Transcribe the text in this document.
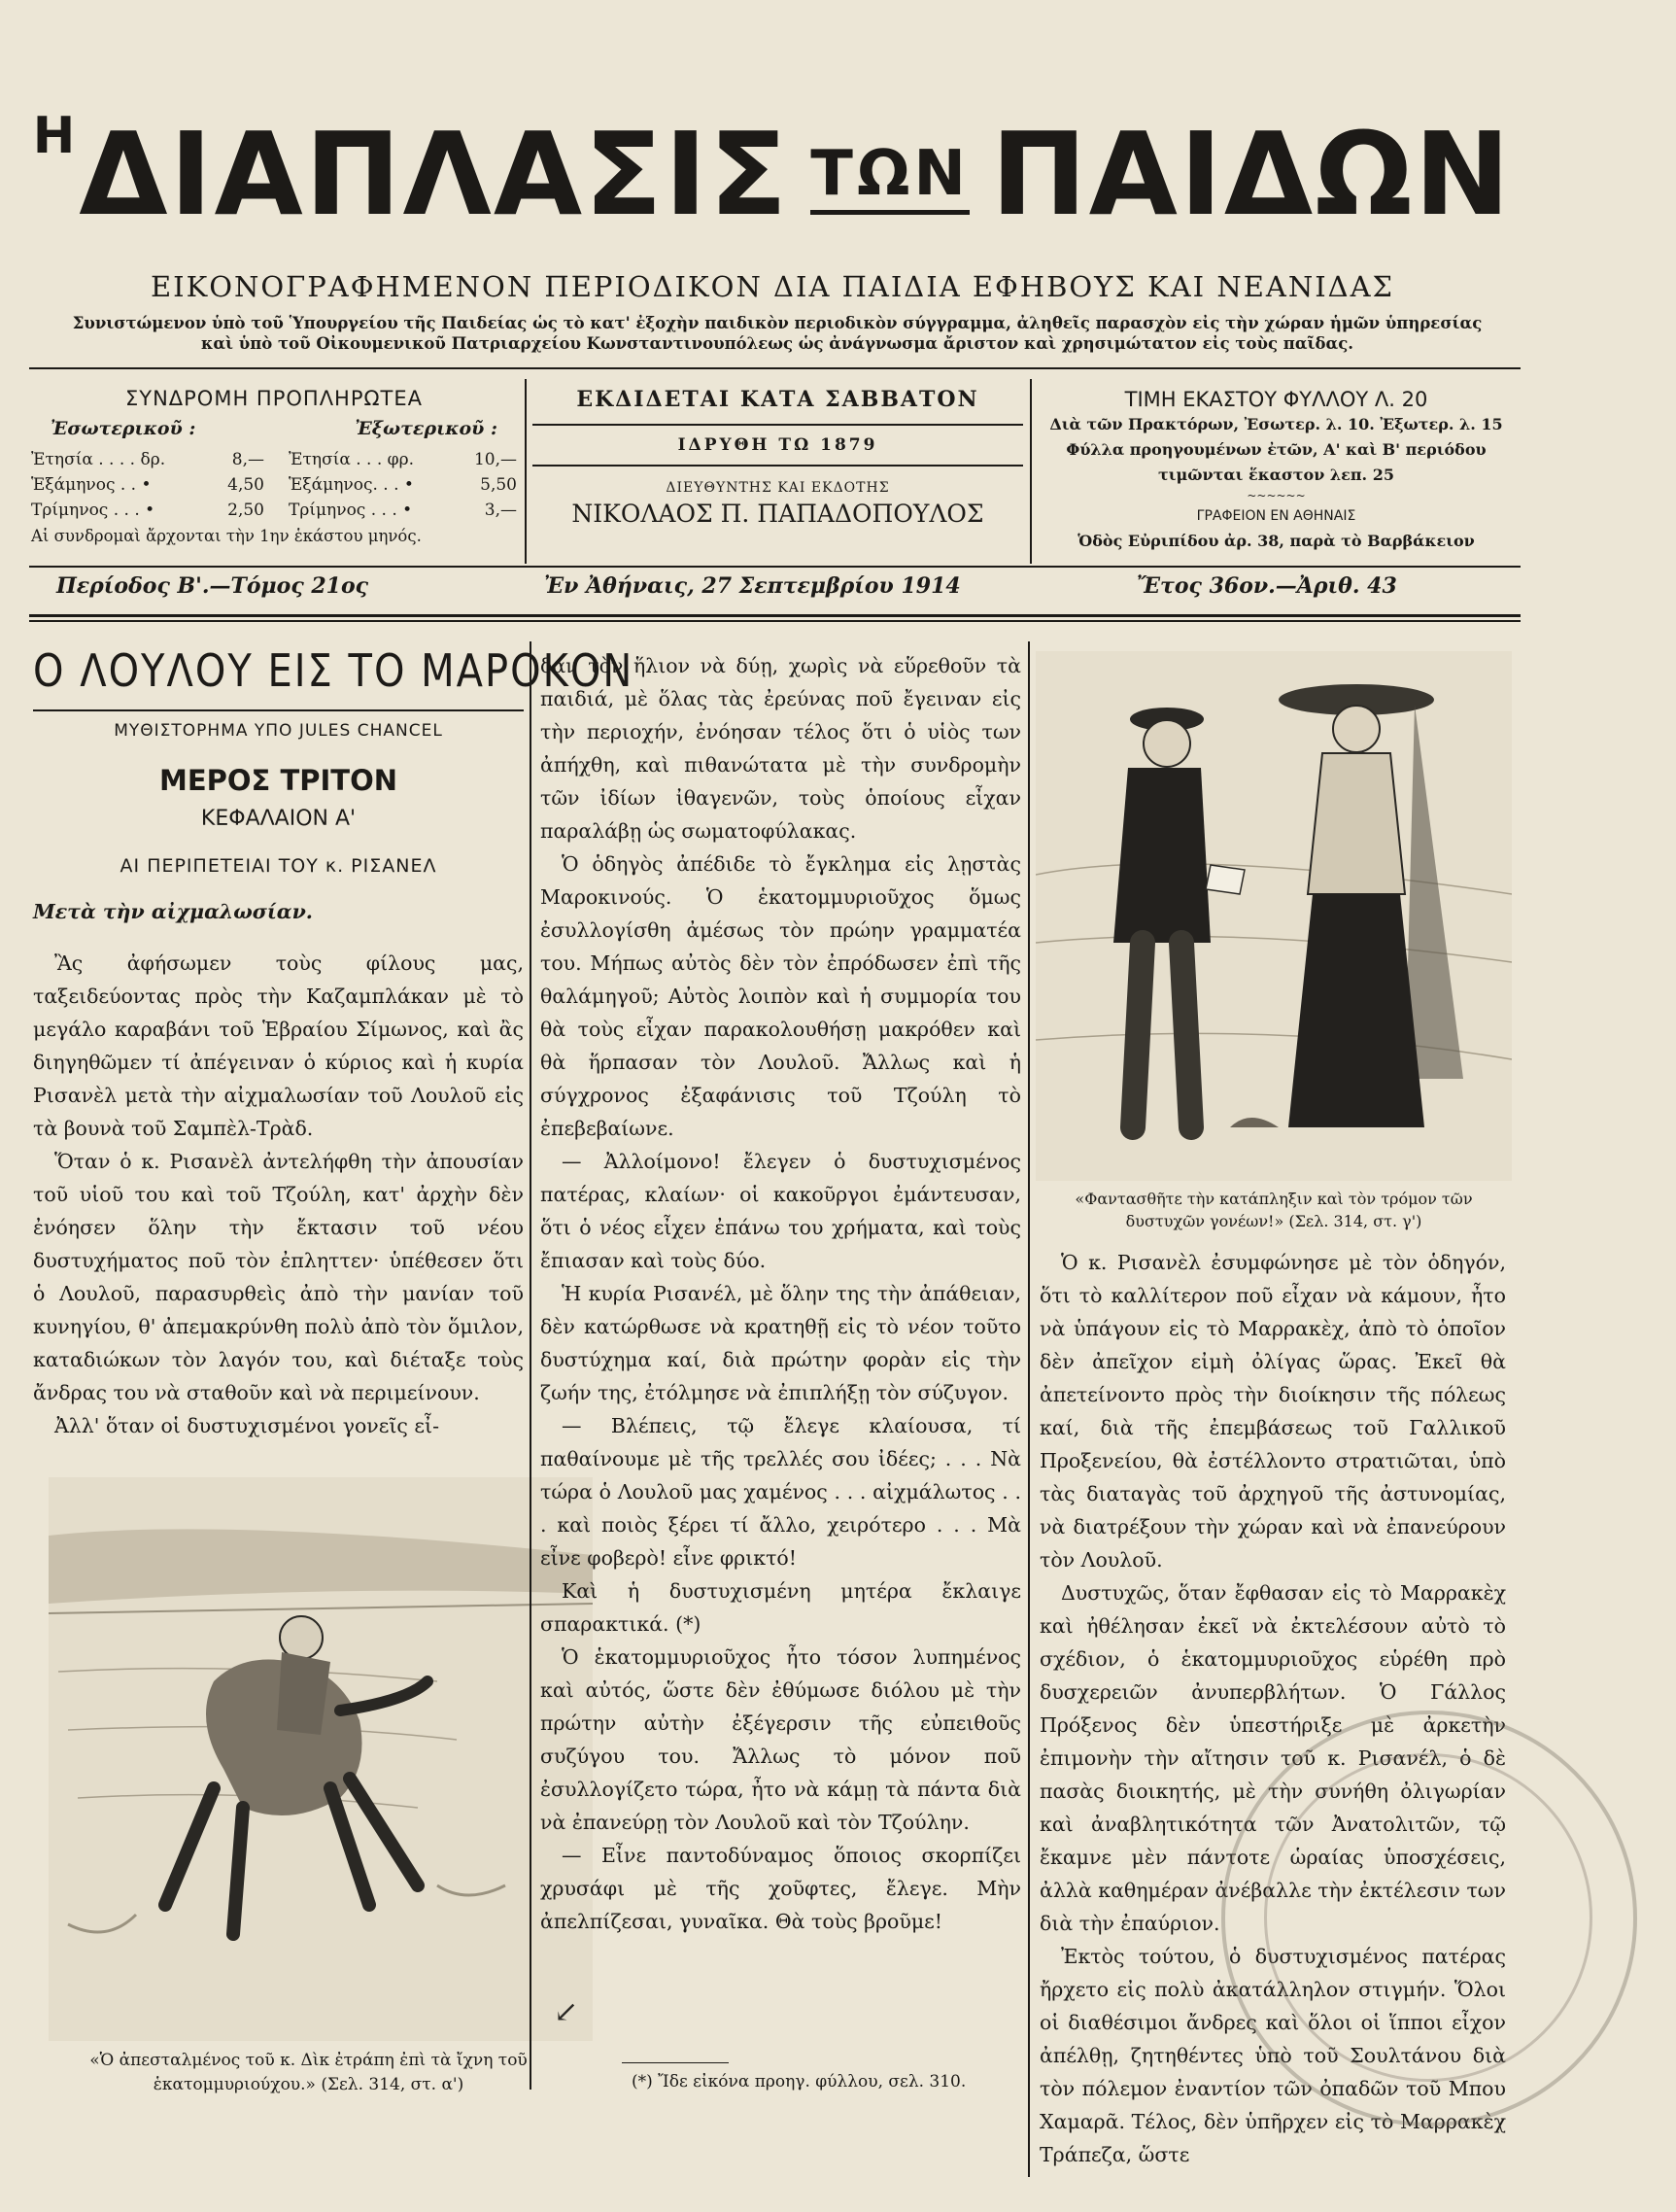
ΗΔΙΑΠΛΑΣΙΣ ΤΩΝ ΠΑΙΔΩΝ
ΕΙΚΟΝΟΓΡΑΦΗΜΕΝΟΝ ΠΕΡΙΟΔΙΚΟΝ ΔΙΑ ΠΑΙΔΙΑ ΕΦΗΒΟΥΣ ΚΑΙ ΝΕΑΝΙΔΑΣ
Συνιστώμενον ὑπὸ τοῦ Ὑπουργείου τῆς Παιδείας ὡς τὸ κατ' ἐξοχὴν παιδικὸν περιοδικὸν σύγγραμμα, ἀληθεῖς παρασχὸν εἰς τὴν χώραν ἡμῶν ὑπηρεσίας
καὶ ὑπὸ τοῦ Οἰκουμενικοῦ Πατριαρχείου Κωνσταντινουπόλεως ὡς ἀνάγνωσμα ἄριστον καὶ χρησιμώτατον εἰς τοὺς παῖδας.
ΣΥΝΔΡΟΜΗ ΠΡΟΠΛΗΡΩΤΕΑ
Ἐσωτερικοῦ :	Ἐξωτερικοῦ :
Ἐτησία . . . . δρ.	8,— Ἐτησία . . . φρ.	10,—
Ἑξάμηνος . . •	4,50 Ἑξάμηνος. . . •	5,50
Τρίμηνος . . . •	2,50 Τρίμηνος . . . •	3,—
Αἱ συνδρομαὶ ἄρχονται τὴν 1ην ἑκάστου μηνός.
ΕΚΔΙΔΕΤΑΙ ΚΑΤΑ ΣΑΒΒΑΤΟΝ
ΙΔΡΥΘΗ ΤΩ 1879
ΔΙΕΥΘΥΝΤΗΣ ΚΑΙ ΕΚΔΟΤΗΣ
ΝΙΚΟΛΑΟΣ Π. ΠΑΠΑΔΟΠΟΥΛΟΣ
ΤΙΜΗ ΕΚΑΣΤΟΥ ΦΥΛΛΟΥ Λ. 20
Διὰ τῶν Πρακτόρων, Ἐσωτερ. λ. 10. Ἐξωτερ. λ. 15
Φύλλα προηγουμένων ἐτῶν, Α' καὶ Β' περιόδου
τιμῶνται ἕκαστον λεπ. 25
~~~~~~
ΓΡΑΦΕΙΟΝ ΕΝ ΑΘΗΝΑΙΣ
Ὁδὸς Εὐριπίδου ἀρ. 38, παρὰ τὸ Βαρβάκειον
Περίοδος Β'.—Τόμος 21ος	Ἐν Ἀθήναις, 27 Σεπτεμβρίου 1914	Ἔτος 36ον.—Ἀριθ. 43
Ο ΛΟΥΛΟΥ ΕΙΣ ΤΟ ΜΑΡΟΚΟΝ
ΜΥΘΙΣΤΟΡΗΜΑ ΥΠΟ JULES CHANCEL
ΜΕΡΟΣ ΤΡΙΤΟΝ
ΚΕΦΑΛΑΙΟΝ Α'
ΑΙ ΠΕΡΙΠΕΤΕΙΑΙ ΤΟΥ κ. ΡΙΣΑΝΕΛ
Μετὰ τὴν αἰχμαλωσίαν.

Ἂς ἀφήσωμεν τοὺς φίλους μας, ταξειδεύοντας πρὸς τὴν Καζαμπλάκαν μὲ τὸ μεγάλο καραβάνι τοῦ Ἑβραίου Σίμωνος, καὶ ἂς διηγηθῶμεν τί ἀπέγειναν ὁ κύριος καὶ ἡ κυρία Ρισανὲλ μετὰ τὴν αἰχμαλωσίαν τοῦ Λουλοῦ εἰς τὰ βουνὰ τοῦ Σαμπὲλ-Τρὰδ.

Ὅταν ὁ κ. Ρισανὲλ ἀντελήφθη τὴν ἀπουσίαν τοῦ υἱοῦ του καὶ τοῦ Τζούλη, κατ' ἀρχὴν δὲν ἐνόησεν ὅλην τὴν ἔκτασιν τοῦ νέου δυστυχήματος ποῦ τὸν ἐπληττεν· ὑπέθεσεν ὅτι ὁ Λουλοῦ, παρασυρθεὶς ἀπὸ τὴν μανίαν τοῦ κυνηγίου, θ' ἀπεμακρύνθη πολὺ ἀπὸ τὸν ὅμιλον, καταδιώκων τὸν λαγόν του, καὶ διέταξε τοὺς ἄνδρας του νὰ σταθοῦν καὶ νὰ περιμείνουν.

Ἀλλ' ὅταν οἱ δυστυχισμένοι γονεῖς εἶ-

↙
«Ὁ ἀπεσταλμένος τοῦ κ. Δὶκ ἐτράπη ἐπὶ τὰ ἴχνη τοῦ ἑκατομμυριούχου.» (Σελ. 314, στ. α')

δαν τὸν ἥλιον νὰ δύῃ, χωρὶς νὰ εὕρεθοῦν τὰ παιδιά, μὲ ὅλας τὰς ἐρεύνας ποῦ ἔγειναν εἰς τὴν περιοχήν, ἐνόησαν τέλος ὅτι ὁ υἱὸς των ἀπήχθη, καὶ πιθανώτατα μὲ τὴν συνδρομὴν τῶν ἰδίων ἰθαγενῶν, τοὺς ὁποίους εἶχαν παραλάβῃ ὡς σωματοφύλακας.

Ὁ ὁδηγὸς ἀπέδιδε τὸ ἔγκλημα εἰς λῃστὰς Μαροκινούς. Ὁ ἑκατομμυριοῦχος ὅμως ἐσυλλογίσθη ἀμέσως τὸν πρώην γραμματέα του. Μήπως αὐτὸς δὲν τὸν ἐπρόδωσεν ἐπὶ τῆς θαλάμηγοῦ; Αὐτὸς λοιπὸν καὶ ἡ συμμορία του θὰ τοὺς εἶχαν παρακολουθήσῃ μακρόθεν καὶ θὰ ἥρπασαν τὸν Λουλοῦ. Ἄλλως καὶ ἡ σύγχρονος ἐξαφάνισις τοῦ Τζούλη τὸ ἐπεβεβαίωνε.

— Ἀλλοίμονο! ἔλεγεν ὁ δυστυχισμένος πατέρας, κλαίων· οἱ κακοῦργοι ἐμάντευσαν, ὅτι ὁ νέος εἶχεν ἐπάνω του χρήματα, καὶ τοὺς ἔπιασαν καὶ τοὺς δύο.

Ἡ κυρία Ρισανέλ, μὲ ὅλην της τὴν ἀπάθειαν, δὲν κατώρθωσε νὰ κρατηθῇ εἰς τὸ νέον τοῦτο δυστύχημα καί, διὰ πρώτην φορὰν εἰς τὴν ζωήν της, ἐτόλμησε νὰ ἐπιπλήξῃ τὸν σύζυγον.

— Βλέπεις, τῷ ἔλεγε κλαίουσα, τί παθαίνουμε μὲ τῆς τρελλές σου ἰδέες; . . . Νὰ τώρα ὁ Λουλοῦ μας χαμένος . . . αἰχμάλωτος . . . καὶ ποιὸς ξέρει τί ἄλλο, χειρότερο . . . Μὰ εἶνε φοβερὸ! εἶνε φρικτό!

Καὶ ἡ δυστυχισμένη μητέρα ἔκλαιγε σπαρακτικά. (*)

Ὁ ἑκατομμυριοῦχος ἦτο τόσον λυπημένος καὶ αὐτός, ὥστε δὲν ἐθύμωσε διόλου μὲ τὴν πρώτην αὐτὴν ἐξέγερσιν τῆς εὐπειθοῦς συζύγου του. Ἄλλως τὸ μόνον ποῦ ἐσυλλογίζετο τώρα, ἦτο νὰ κάμῃ τὰ πάντα διὰ νὰ ἐπανεύρῃ τὸν Λουλοῦ καὶ τὸν Τζούλην.

— Εἶνε παντοδύναμος ὅποιος σκορπίζει χρυσάφι μὲ τῆς χοῦφτες, ἔλεγε. Μὴν ἀπελπίζεσαι, γυναῖκα. Θὰ τοὺς βροῦμε!

(*) Ἴδε εἰκόνα προηγ. φύλλου, σελ. 310.
«Φαντασθῆτε τὴν κατάπληξιν καὶ τὸν τρόμον τῶν δυστυχῶν γονέων!» (Σελ. 314, στ. γ')

Ὁ κ. Ρισανὲλ ἐσυμφώνησε μὲ τὸν ὁδηγόν, ὅτι τὸ καλλίτερον ποῦ εἶχαν νὰ κάμουν, ἦτο νὰ ὑπάγουν εἰς τὸ Μαρρακὲχ, ἀπὸ τὸ ὁποῖον δὲν ἀπεῖχον εἰμὴ ὀλίγας ὥρας. Ἐκεῖ θὰ ἀπετείνοντο πρὸς τὴν διοίκησιν τῆς πόλεως καί, διὰ τῆς ἐπεμβάσεως τοῦ Γαλλικοῦ Προξενείου, θὰ ἐστέλλοντο στρατιῶται, ὑπὸ τὰς διαταγὰς τοῦ ἀρχηγοῦ τῆς ἀστυνομίας, νὰ διατρέξουν τὴν χώραν καὶ νὰ ἐπανεύρουν τὸν Λουλοῦ.

Δυστυχῶς, ὅταν ἔφθασαν εἰς τὸ Μαρρακὲχ καὶ ἠθέλησαν ἐκεῖ νὰ ἐκτελέσουν αὐτὸ τὸ σχέδιον, ὁ ἑκατομμυριοῦχος εὑρέθη πρὸ δυσχερειῶν ἀνυπερβλήτων. Ὁ Γάλλος Πρόξενος δὲν ὑπεστήριξε μὲ ἀρκετὴν ἐπιμονὴν τὴν αἴτησιν τοῦ κ. Ρισανέλ, ὁ δὲ πασὰς διοικητής, μὲ τὴν συνήθη ὀλιγωρίαν καὶ ἀναβλητικότητα τῶν Ἀνατολιτῶν, τῷ ἔκαμνε μὲν πάντοτε ὡραίας ὑποσχέσεις, ἀλλὰ καθημέραν ἀνέβαλλε τὴν ἐκτέλεσιν των διὰ τὴν ἐπαύριον.

Ἐκτὸς τούτου, ὁ δυστυχισμένος πατέρας ἤρχετο εἰς πολὺ ἀκατάλληλον στιγμήν. Ὅλοι οἱ διαθέσιμοι ἄνδρες καὶ ὅλοι οἱ ἵπποι εἶχον ἀπέλθῃ, ζητηθέντες ὑπὸ τοῦ Σουλτάνου διὰ τὸν πόλεμον ἐναντίον τῶν ὀπαδῶν τοῦ Μπου Χαμαρᾶ. Τέλος, δὲν ὑπῆρχεν εἰς τὸ Μαρρακὲχ Τράπεζα, ὥστε
